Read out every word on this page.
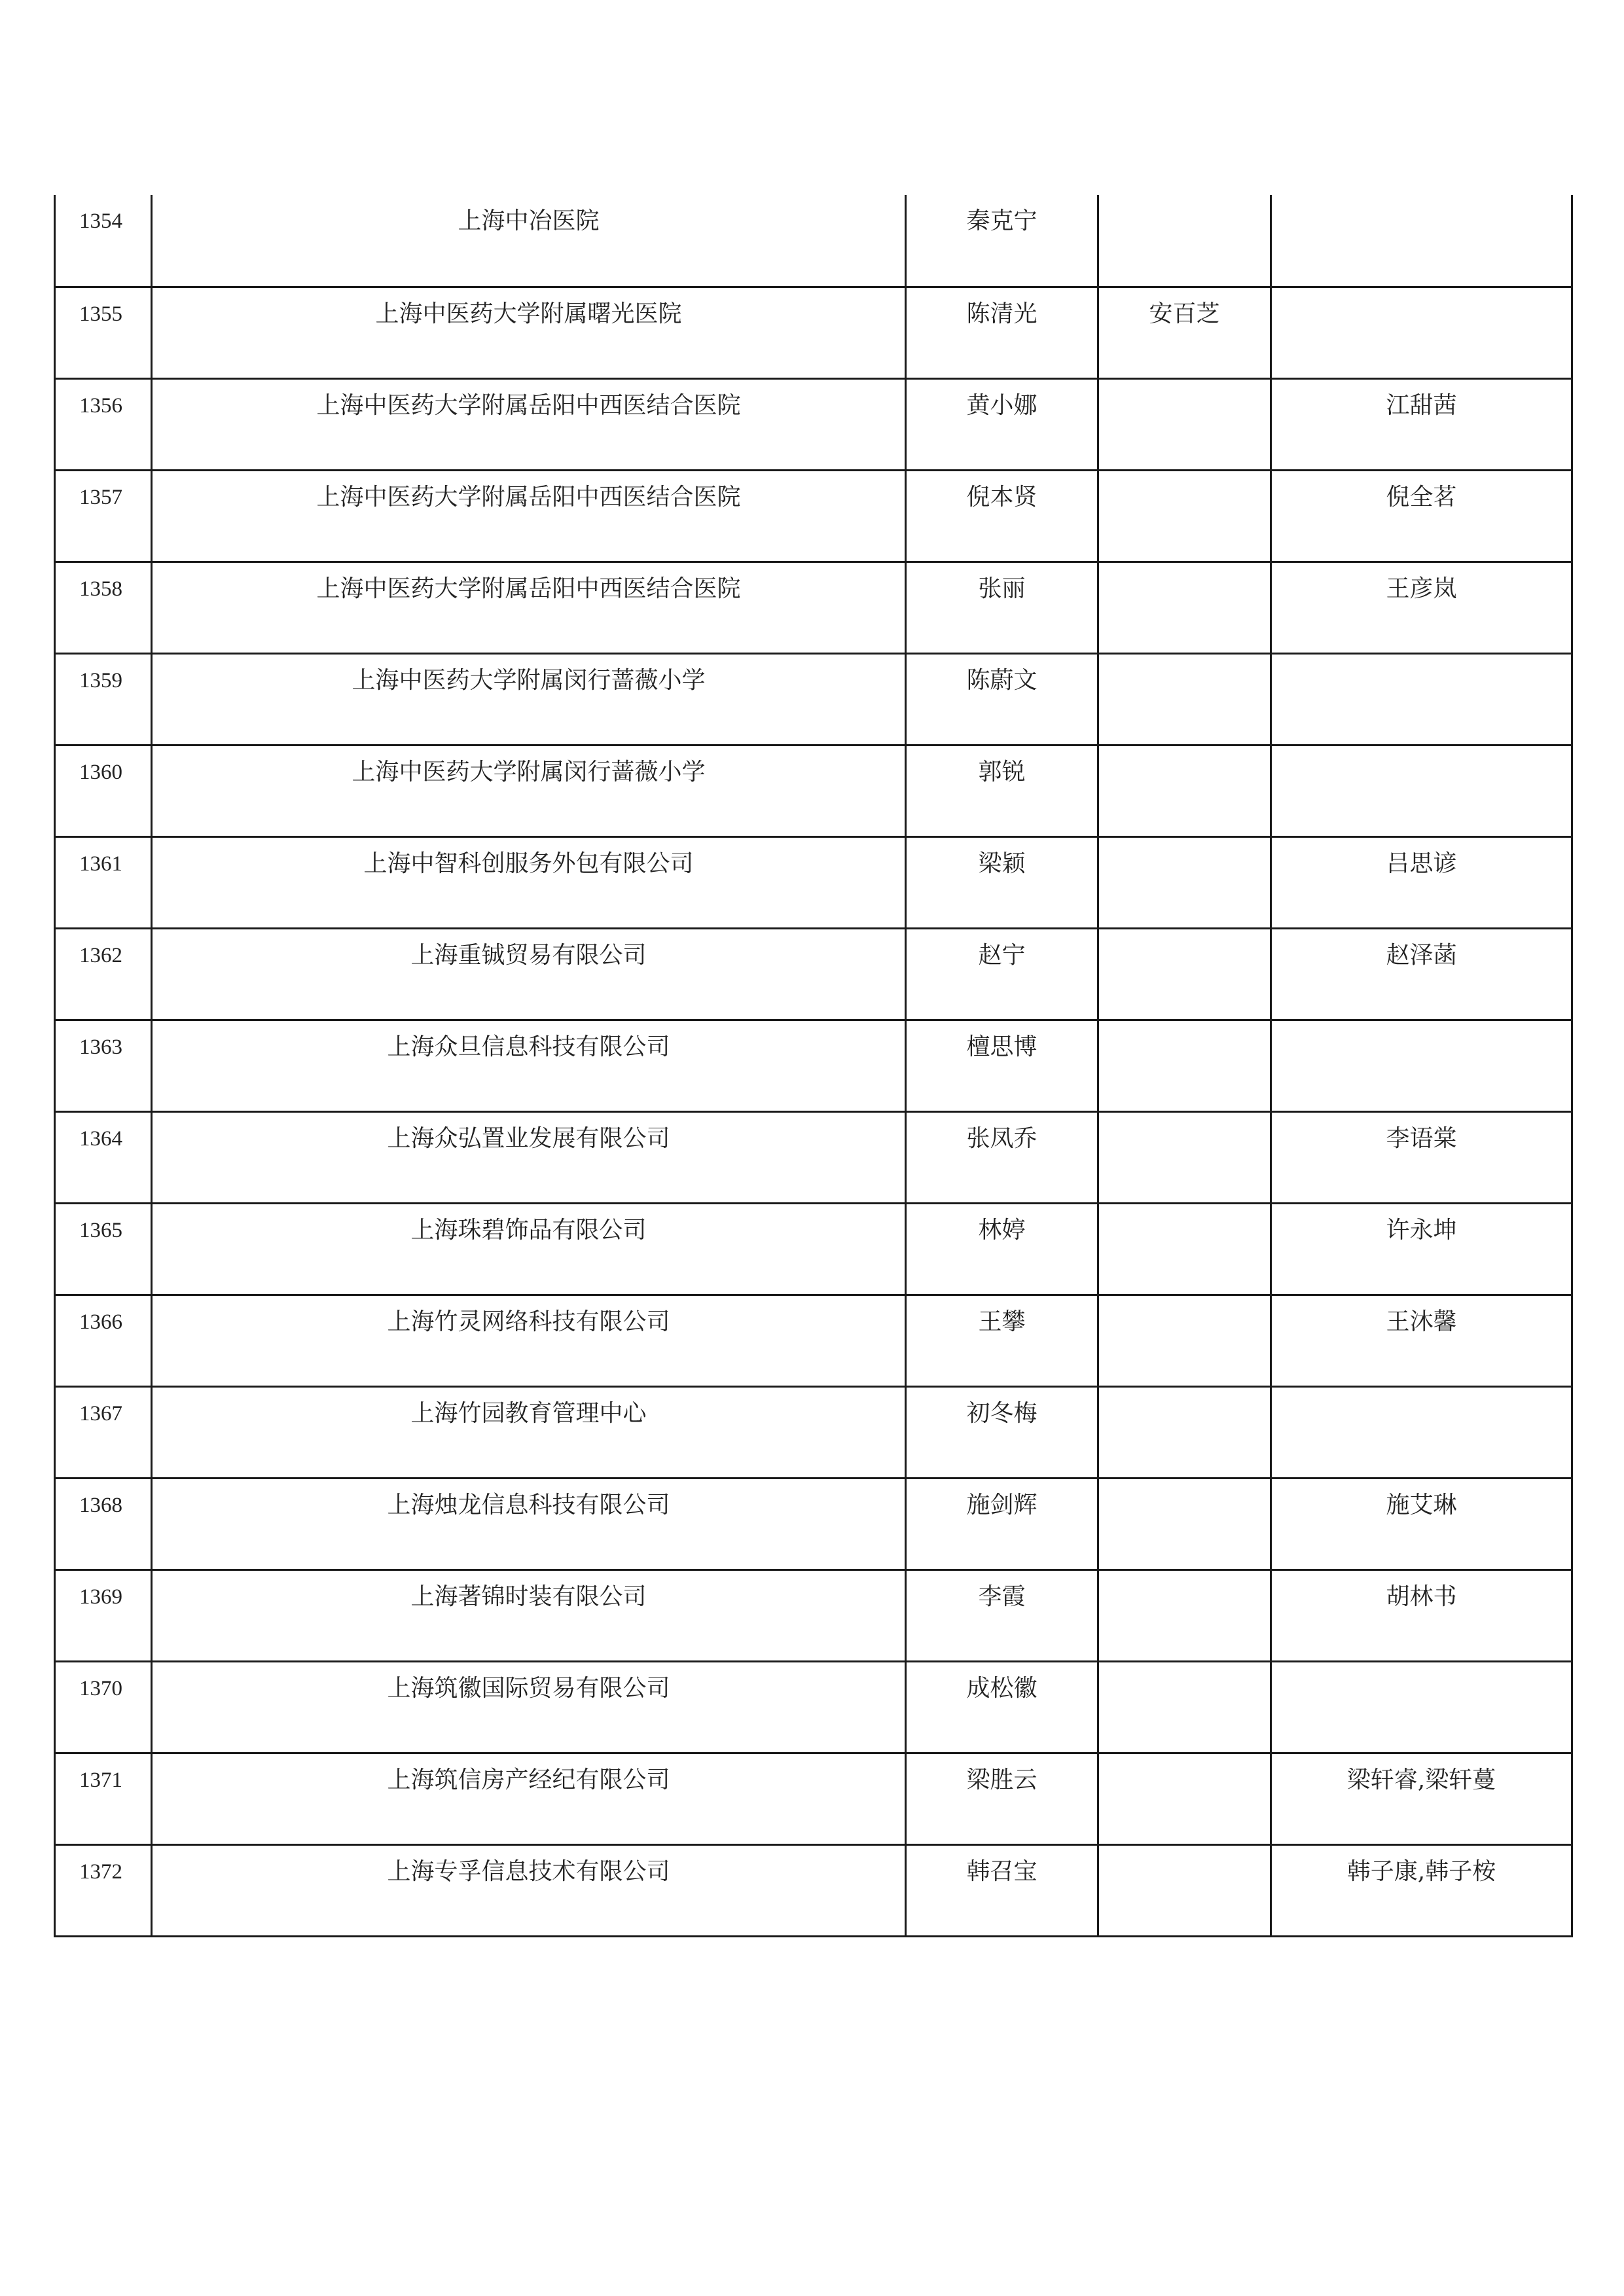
1354	上海中冶医院	秦克宁		

1355	上海中医药大学附属曙光医院	陈清光	安百芝	

1356	上海中医药大学附属岳阳中西医结合医院	黄小娜		江甜茜

1357	上海中医药大学附属岳阳中西医结合医院	倪本贤		倪全茗

1358	上海中医药大学附属岳阳中西医结合医院	张丽		王彦岚

1359	上海中医药大学附属闵行蔷薇小学	陈蔚文		

1360	上海中医药大学附属闵行蔷薇小学	郭锐		

1361	上海中智科创服务外包有限公司	梁颖		吕思谚

1362	上海重铖贸易有限公司	赵宁		赵泽菡

1363	上海众旦信息科技有限公司	檀思博		

1364	上海众弘置业发展有限公司	张凤乔		李语棠

1365	上海珠碧饰品有限公司	林婷		许永坤

1366	上海竹灵网络科技有限公司	王攀		王沐馨

1367	上海竹园教育管理中心	初冬梅		

1368	上海烛龙信息科技有限公司	施剑辉		施艾琳

1369	上海著锦时装有限公司	李霞		胡林书

1370	上海筑徽国际贸易有限公司	成松徽		

1371	上海筑信房产经纪有限公司	梁胜云		梁轩睿,梁轩蔓

1372	上海专孚信息技术有限公司	韩召宝		韩子康,韩子桉
